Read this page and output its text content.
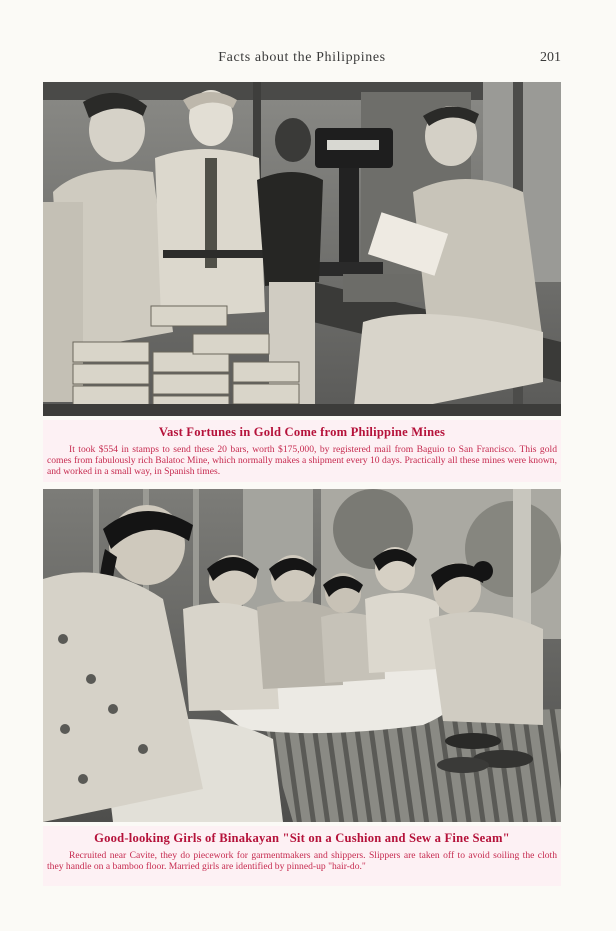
Facts about the Philippines	201
Vast Fortunes in Gold Come from Philippine Mines
It took $554 in stamps to send these 20 bars, worth $175,000, by registered mail from Baguio to San Francisco. This gold comes from fabulously rich Balatoc Mine, which normally makes a shipment every 10 days. Practically all these mines were known, and worked in a small way, in Spanish times.
Good-looking Girls of Binakayan "Sit on a Cushion and Sew a Fine Seam"
Recruited near Cavite, they do piecework for garmentmakers and shippers. Slippers are taken off to avoid soiling the cloth they handle on a bamboo floor. Married girls are identified by pinned-up "hair-do."
